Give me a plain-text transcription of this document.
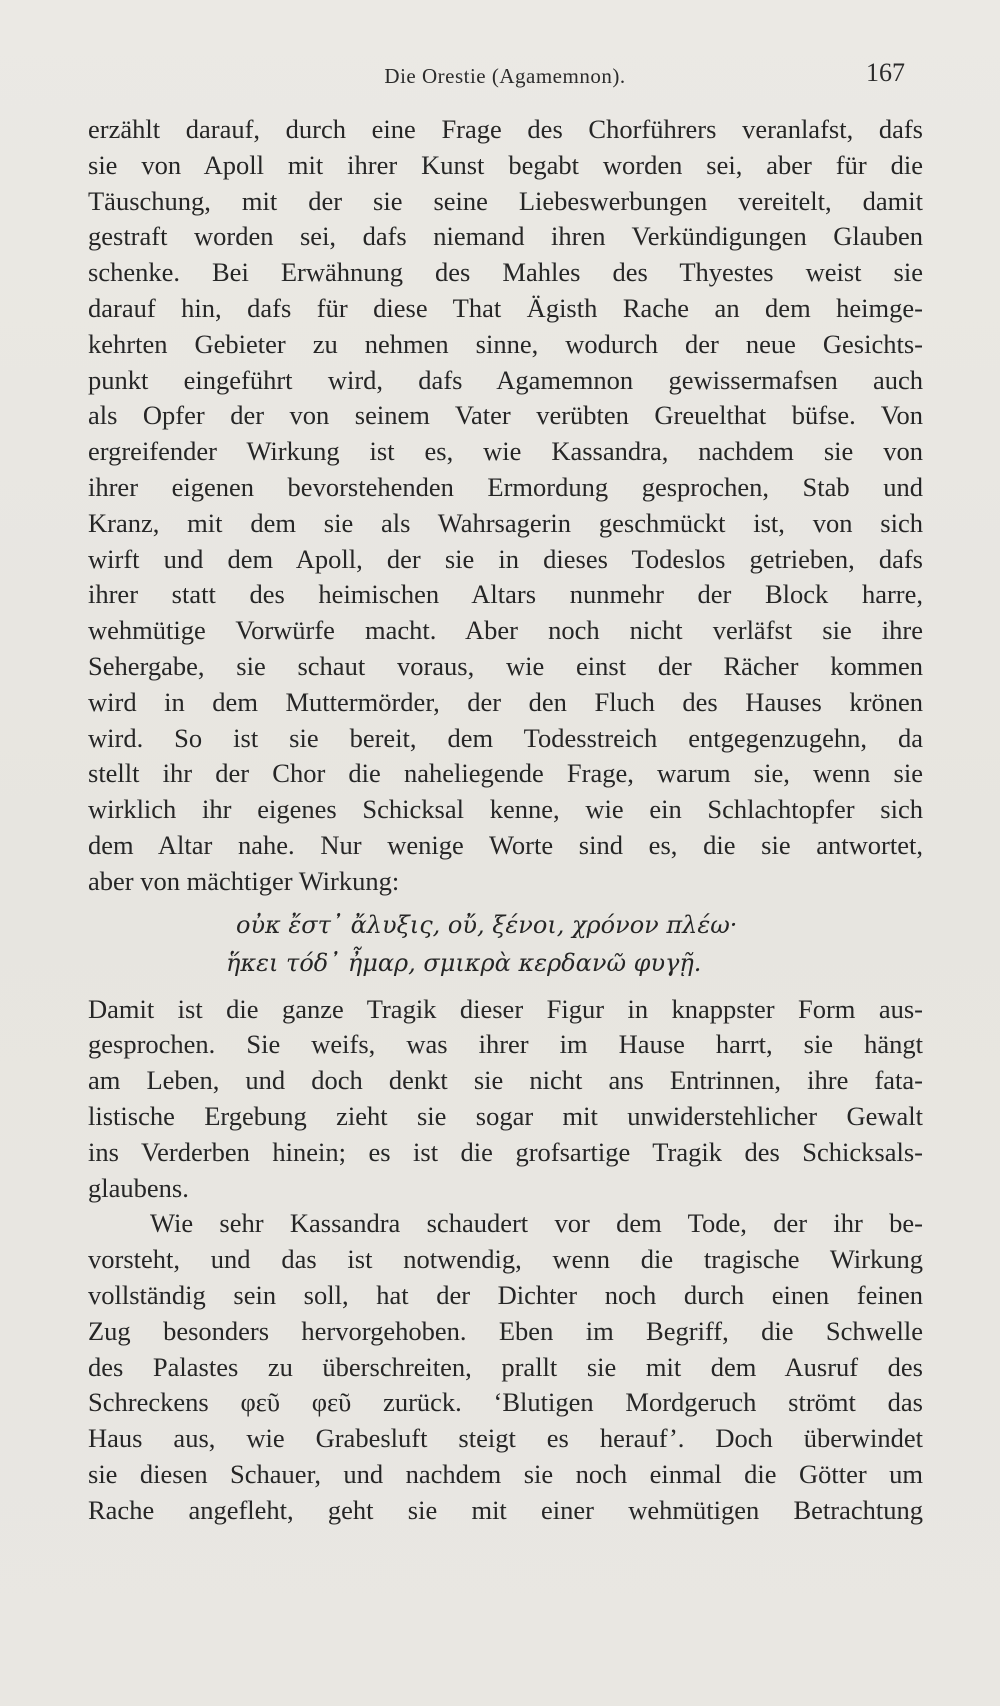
Die Orestie (Agamemnon).	167
erzählt darauf, durch eine Frage des Chorführers veranlafst, dafs
sie von Apoll mit ihrer Kunst begabt worden sei, aber für die
Täuschung, mit der sie seine Liebeswerbungen vereitelt, damit
gestraft worden sei, dafs niemand ihren Verkündigungen Glauben
schenke. Bei Erwähnung des Mahles des Thyestes weist sie
darauf hin, dafs für diese That Ägisth Rache an dem heimge-
kehrten Gebieter zu nehmen sinne, wodurch der neue Gesichts-
punkt eingeführt wird, dafs Agamemnon gewissermafsen auch
als Opfer der von seinem Vater verübten Greuelthat büfse. Von
ergreifender Wirkung ist es, wie Kassandra, nachdem sie von
ihrer eigenen bevorstehenden Ermordung gesprochen, Stab und
Kranz, mit dem sie als Wahrsagerin geschmückt ist, von sich
wirft und dem Apoll, der sie in dieses Todeslos getrieben, dafs
ihrer statt des heimischen Altars nunmehr der Block harre,
wehmütige Vorwürfe macht. Aber noch nicht verläfst sie ihre
Sehergabe, sie schaut voraus, wie einst der Rächer kommen
wird in dem Muttermörder, der den Fluch des Hauses krönen
wird. So ist sie bereit, dem Todesstreich entgegenzugehn, da
stellt ihr der Chor die naheliegende Frage, warum sie, wenn sie
wirklich ihr eigenes Schicksal kenne, wie ein Schlachtopfer sich
dem Altar nahe. Nur wenige Worte sind es, die sie antwortet,
aber von mächtiger Wirkung:
οὐκ ἔστ᾽ ἄλυξις, οὔ, ξένοι, χρόνον πλέω·
ἥκει τόδ᾽ ἦμαρ, σμικρὰ κερδανῶ φυγῇ.
Damit ist die ganze Tragik dieser Figur in knappster Form aus-
gesprochen. Sie weifs, was ihrer im Hause harrt, sie hängt
am Leben, und doch denkt sie nicht ans Entrinnen, ihre fata-
listische Ergebung zieht sie sogar mit unwiderstehlicher Gewalt
ins Verderben hinein; es ist die grofsartige Tragik des Schicksals-
glaubens.
Wie sehr Kassandra schaudert vor dem Tode, der ihr be-
vorsteht, und das ist notwendig, wenn die tragische Wirkung
vollständig sein soll, hat der Dichter noch durch einen feinen
Zug besonders hervorgehoben. Eben im Begriff, die Schwelle
des Palastes zu überschreiten, prallt sie mit dem Ausruf des
Schreckens φεῦ φεῦ zurück. ‘Blutigen Mordgeruch strömt das
Haus aus, wie Grabesluft steigt es herauf’. Doch überwindet
sie diesen Schauer, und nachdem sie noch einmal die Götter um
Rache angefleht, geht sie mit einer wehmütigen Betrachtung
